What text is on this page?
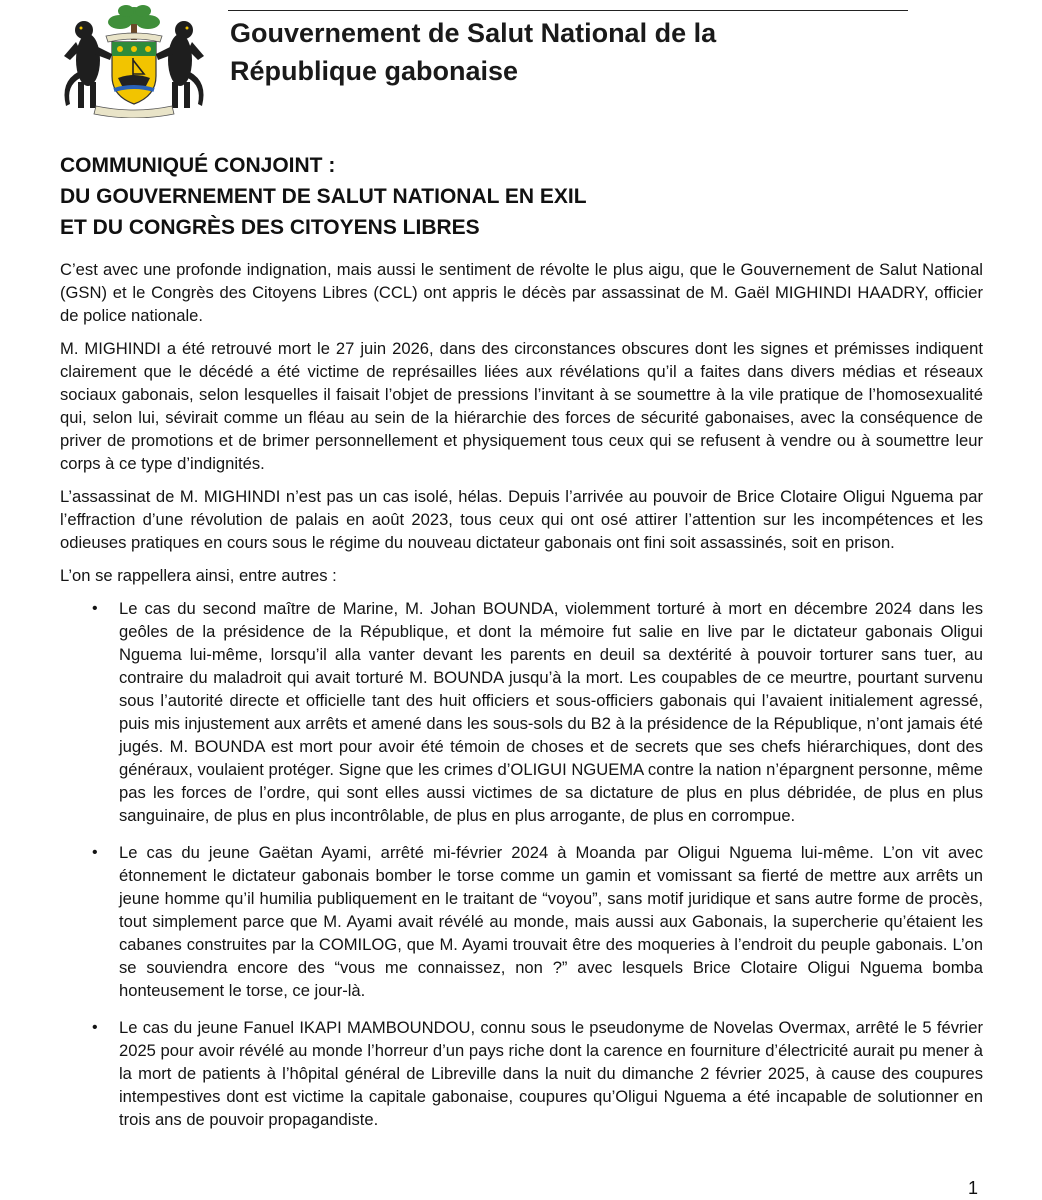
Gouvernement de Salut National de la
République gabonaise
COMMUNIQUÉ CONJOINT :
DU GOUVERNEMENT DE SALUT NATIONAL EN EXIL
ET DU CONGRÈS DES CITOYENS LIBRES

C’est avec une profonde indignation, mais aussi le sentiment de révolte le plus aigu, que le Gouvernement de Salut National (GSN) et le Congrès des Citoyens Libres (CCL) ont appris le décès par assassinat de M. Gaël MIGHINDI HAADRY, officier de police nationale.

M. MIGHINDI a été retrouvé mort le 27 juin 2026, dans des circonstances obscures dont les signes et prémisses indiquent clairement que le décédé a été victime de représailles liées aux révélations qu’il a faites dans divers médias et réseaux sociaux gabonais, selon lesquelles il faisait l’objet de pressions l’invitant à se soumettre à la vile pratique de l’homosexualité qui, selon lui, sévirait comme un fléau au sein de la hiérarchie des forces de sécurité gabonaises, avec la conséquence de priver de promotions et de brimer personnellement et physiquement tous ceux qui se refusent à vendre ou à soumettre leur corps à ce type d’indignités.

L’assassinat de M. MIGHINDI n’est pas un cas isolé, hélas. Depuis l’arrivée au pouvoir de Brice Clotaire Oligui Nguema par l’effraction d’une révolution de palais en août 2023, tous ceux qui ont osé attirer l’attention sur les incompétences et les odieuses pratiques en cours sous le régime du nouveau dictateur gabonais ont fini soit assassinés, soit en prison.

L’on se rappellera ainsi, entre autres :

• Le cas du second maître de Marine, M. Johan BOUNDA, violemment torturé à mort en décembre 2024 dans les geôles de la présidence de la République, et dont la mémoire fut salie en live par le dictateur gabonais Oligui Nguema lui-même, lorsqu’il alla vanter devant les parents en deuil sa dextérité à pouvoir torturer sans tuer, au contraire du maladroit qui avait torturé M. BOUNDA jusqu’à la mort. Les coupables de ce meurtre, pourtant survenu sous l’autorité directe et officielle tant des huit officiers et sous-officiers gabonais qui l’avaient initialement agressé, puis mis injustement aux arrêts et amené dans les sous-sols du B2 à la présidence de la République, n’ont jamais été jugés. M. BOUNDA est mort pour avoir été témoin de choses et de secrets que ses chefs hiérarchiques, dont des généraux, voulaient protéger. Signe que les crimes d’OLIGUI NGUEMA contre la nation n’épargnent personne, même pas les forces de l’ordre, qui sont elles aussi victimes de sa dictature de plus en plus débridée, de plus en plus sanguinaire, de plus en plus incontrôlable, de plus en plus arrogante, de plus en corrompue.
• Le cas du jeune Gaëtan Ayami, arrêté mi-février 2024 à Moanda par Oligui Nguema lui-même. L’on vit avec étonnement le dictateur gabonais bomber le torse comme un gamin et vomissant sa fierté de mettre aux arrêts un jeune homme qu’il humilia publiquement en le traitant de “voyou”, sans motif juridique et sans autre forme de procès, tout simplement parce que M. Ayami avait révélé au monde, mais aussi aux Gabonais, la supercherie qu’étaient les cabanes construites par la COMILOG, que M. Ayami trouvait être des moqueries à l’endroit du peuple gabonais. L’on se souviendra encore des “vous me connaissez, non ?” avec lesquels Brice Clotaire Oligui Nguema bomba honteusement le torse, ce jour-là.
• Le cas du jeune Fanuel IKAPI MAMBOUNDOU, connu sous le pseudonyme de Novelas Overmax, arrêté le 5 février 2025 pour avoir révélé au monde l’horreur d’un pays riche dont la carence en fourniture d’électricité aurait pu mener à la mort de patients à l’hôpital général de Libreville dans la nuit du dimanche 2 février 2025, à cause des coupures intempestives dont est victime la capitale gabonaise, coupures qu’Oligui Nguema a été incapable de solutionner en trois ans de pouvoir propagandiste.
1
